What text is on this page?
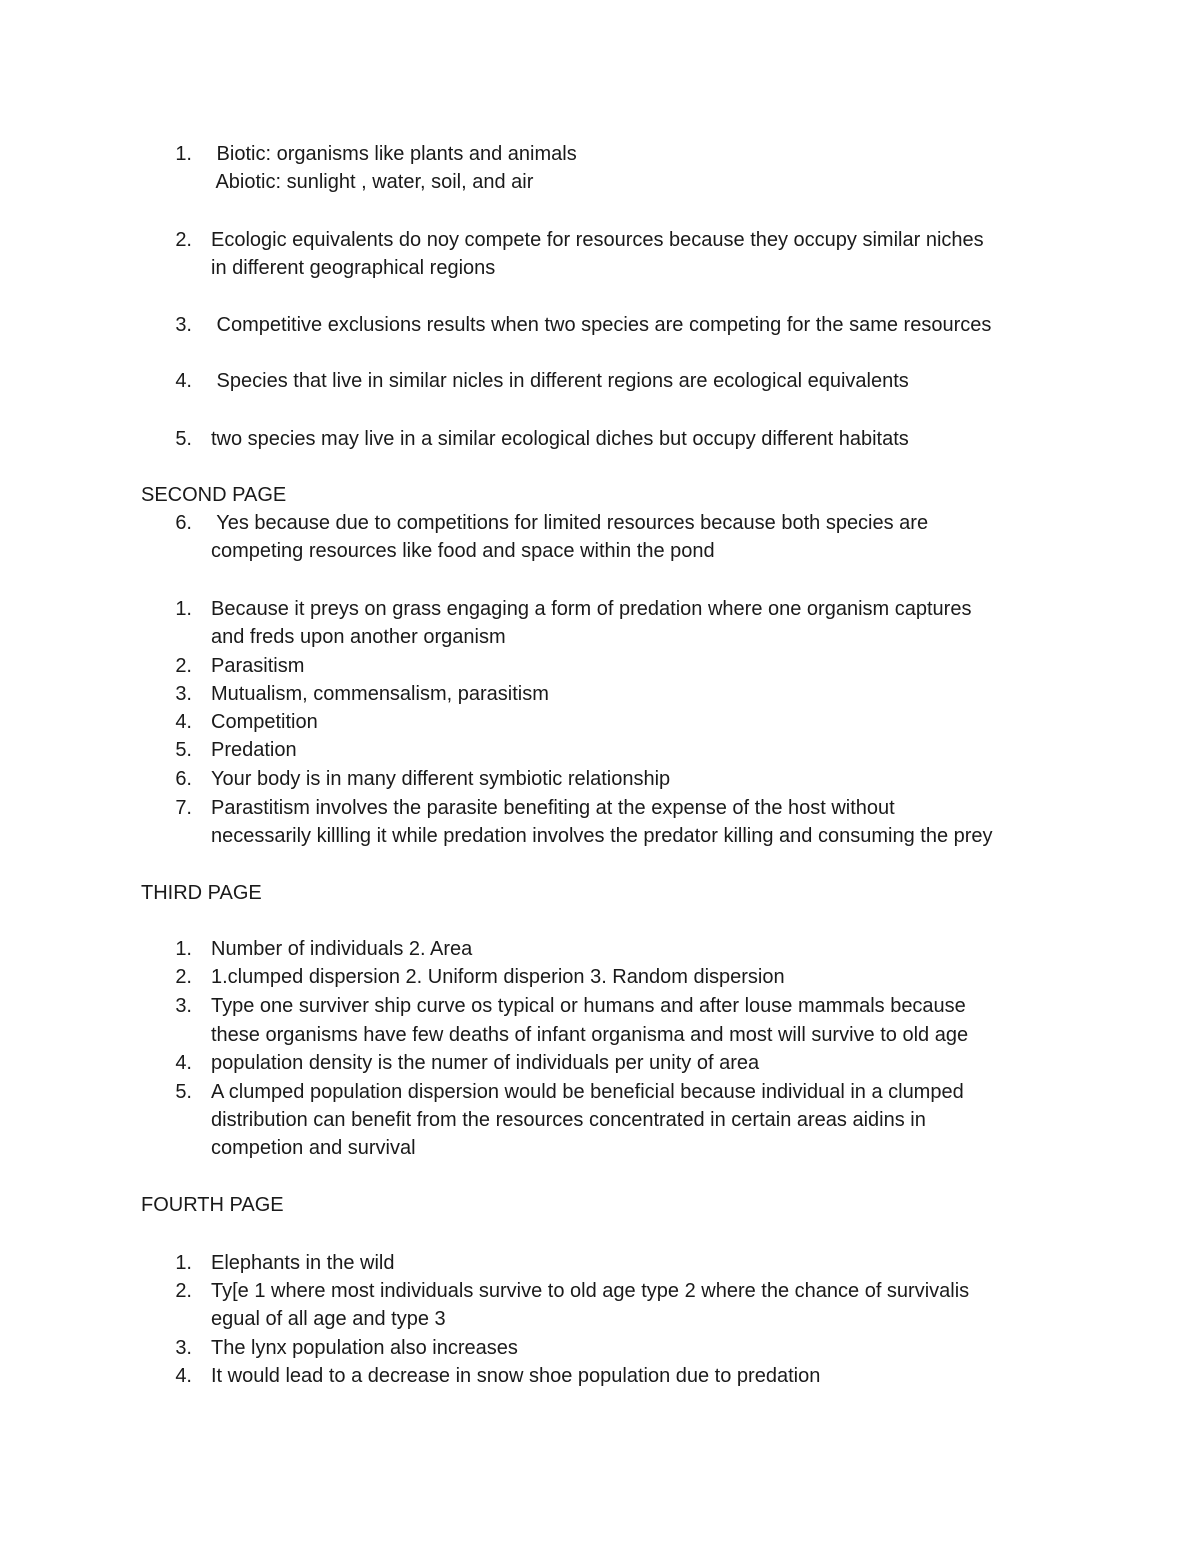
1. Biotic: organisms like plants and animals
Abiotic: sunlight , water, soil, and air
2. Ecologic equivalents do noy compete for resources because they occupy similar niches
in different geographical regions
3. Competitive exclusions results when two species are competing for the same resources
4. Species that live in similar nicles in different regions are ecological equivalents
5. two species may live in a similar ecological diches but occupy different habitats
SECOND PAGE
6. Yes because due to competitions for limited resources because both species are
competing resources like food and space within the pond
1. Because it preys on grass engaging a form of predation where one organism captures
and freds upon another organism
2. Parasitism
3. Mutualism, commensalism, parasitism
4. Competition
5. Predation
6. Your body is in many different symbiotic relationship
7. Parastitism involves the parasite benefiting at the expense of the host without
necessarily killling it while predation involves the predator killing and consuming the prey
THIRD PAGE
1. Number of individuals 2. Area
2. 1.clumped dispersion 2. Uniform disperion 3. Random dispersion
3. Type one surviver ship curve os typical or humans and after louse mammals because
these organisms have few deaths of infant organisma and most will survive to old age
4. population density is the numer of individuals per unity of area
5. A clumped population dispersion would be beneficial because individual in a clumped
distribution can benefit from the resources concentrated in certain areas aidins in
competion and survival
FOURTH PAGE
1. Elephants in the wild
2. Ty[e 1 where most individuals survive to old age type 2 where the chance of survivalis
egual of all age and type 3
3. The lynx population also increases
4. It would lead to a decrease in snow shoe population due to predation
